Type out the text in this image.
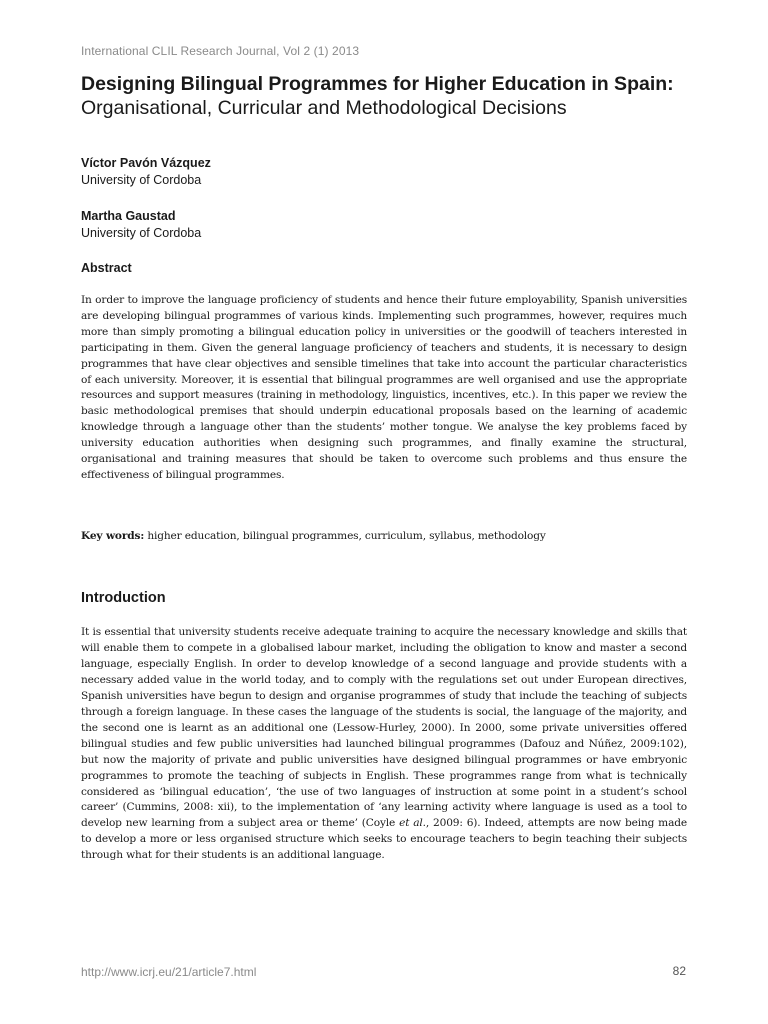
International CLIL Research Journal, Vol 2 (1) 2013
Designing Bilingual Programmes for Higher Education in Spain:
Organisational, Curricular and Methodological Decisions
Víctor Pavón Vázquez
University of Cordoba
Martha Gaustad
University of Cordoba
Abstract

In order to improve the language proficiency of students and hence their future employability, Spanish universities are developing bilingual programmes of various kinds. Implementing such programmes, however, requires much more than simply promoting a bilingual education policy in universities or the goodwill of teachers interested in participating in them. Given the general language proficiency of teachers and students, it is necessary to design programmes that have clear objectives and sensible timelines that take into account the particular characteristics of each university. Moreover, it is essential that bilingual programmes are well organised and use the appropriate resources and support measures (training in methodology, linguistics, incentives, etc.). In this paper we review the basic methodological premises that should underpin educational proposals based on the learning of academic knowledge through a language other than the students’ mother tongue. We analyse the key problems faced by university education authorities when designing such programmes, and finally examine the structural, organisational and training measures that should be taken to overcome such problems and thus ensure the effectiveness of bilingual programmes.

Key words: higher education, bilingual programmes, curriculum, syllabus, methodology

Introduction

It is essential that university students receive adequate training to acquire the necessary knowledge and skills that will enable them to compete in a globalised labour market, including the obligation to know and master a second language, especially English. In order to develop knowledge of a second language and provide students with a necessary added value in the world today, and to comply with the regulations set out under European directives, Spanish universities have begun to design and organise programmes of study that include the teaching of subjects through a foreign language. In these cases the language of the students is social, the language of the majority, and the second one is learnt as an additional one (Lessow-Hurley, 2000). In 2000, some private universities offered bilingual studies and few public universities had launched bilingual programmes (Dafouz and Núñez, 2009:102), but now the majority of private and public universities have designed bilingual programmes or have embryonic programmes to promote the teaching of subjects in English. These programmes range from what is technically considered as ‘bilingual education’, ‘the use of two languages of instruction at some point in a student’s school career’ (Cummins, 2008: xii), to the implementation of ‘any learning activity where language is used as a tool to develop new learning from a subject area or theme’ (Coyle et al., 2009: 6). Indeed, attempts are now being made to develop a more or less organised structure which seeks to encourage teachers to begin teaching their subjects through what for their students is an additional language.

http://www.icrj.eu/21/article7.html	82
